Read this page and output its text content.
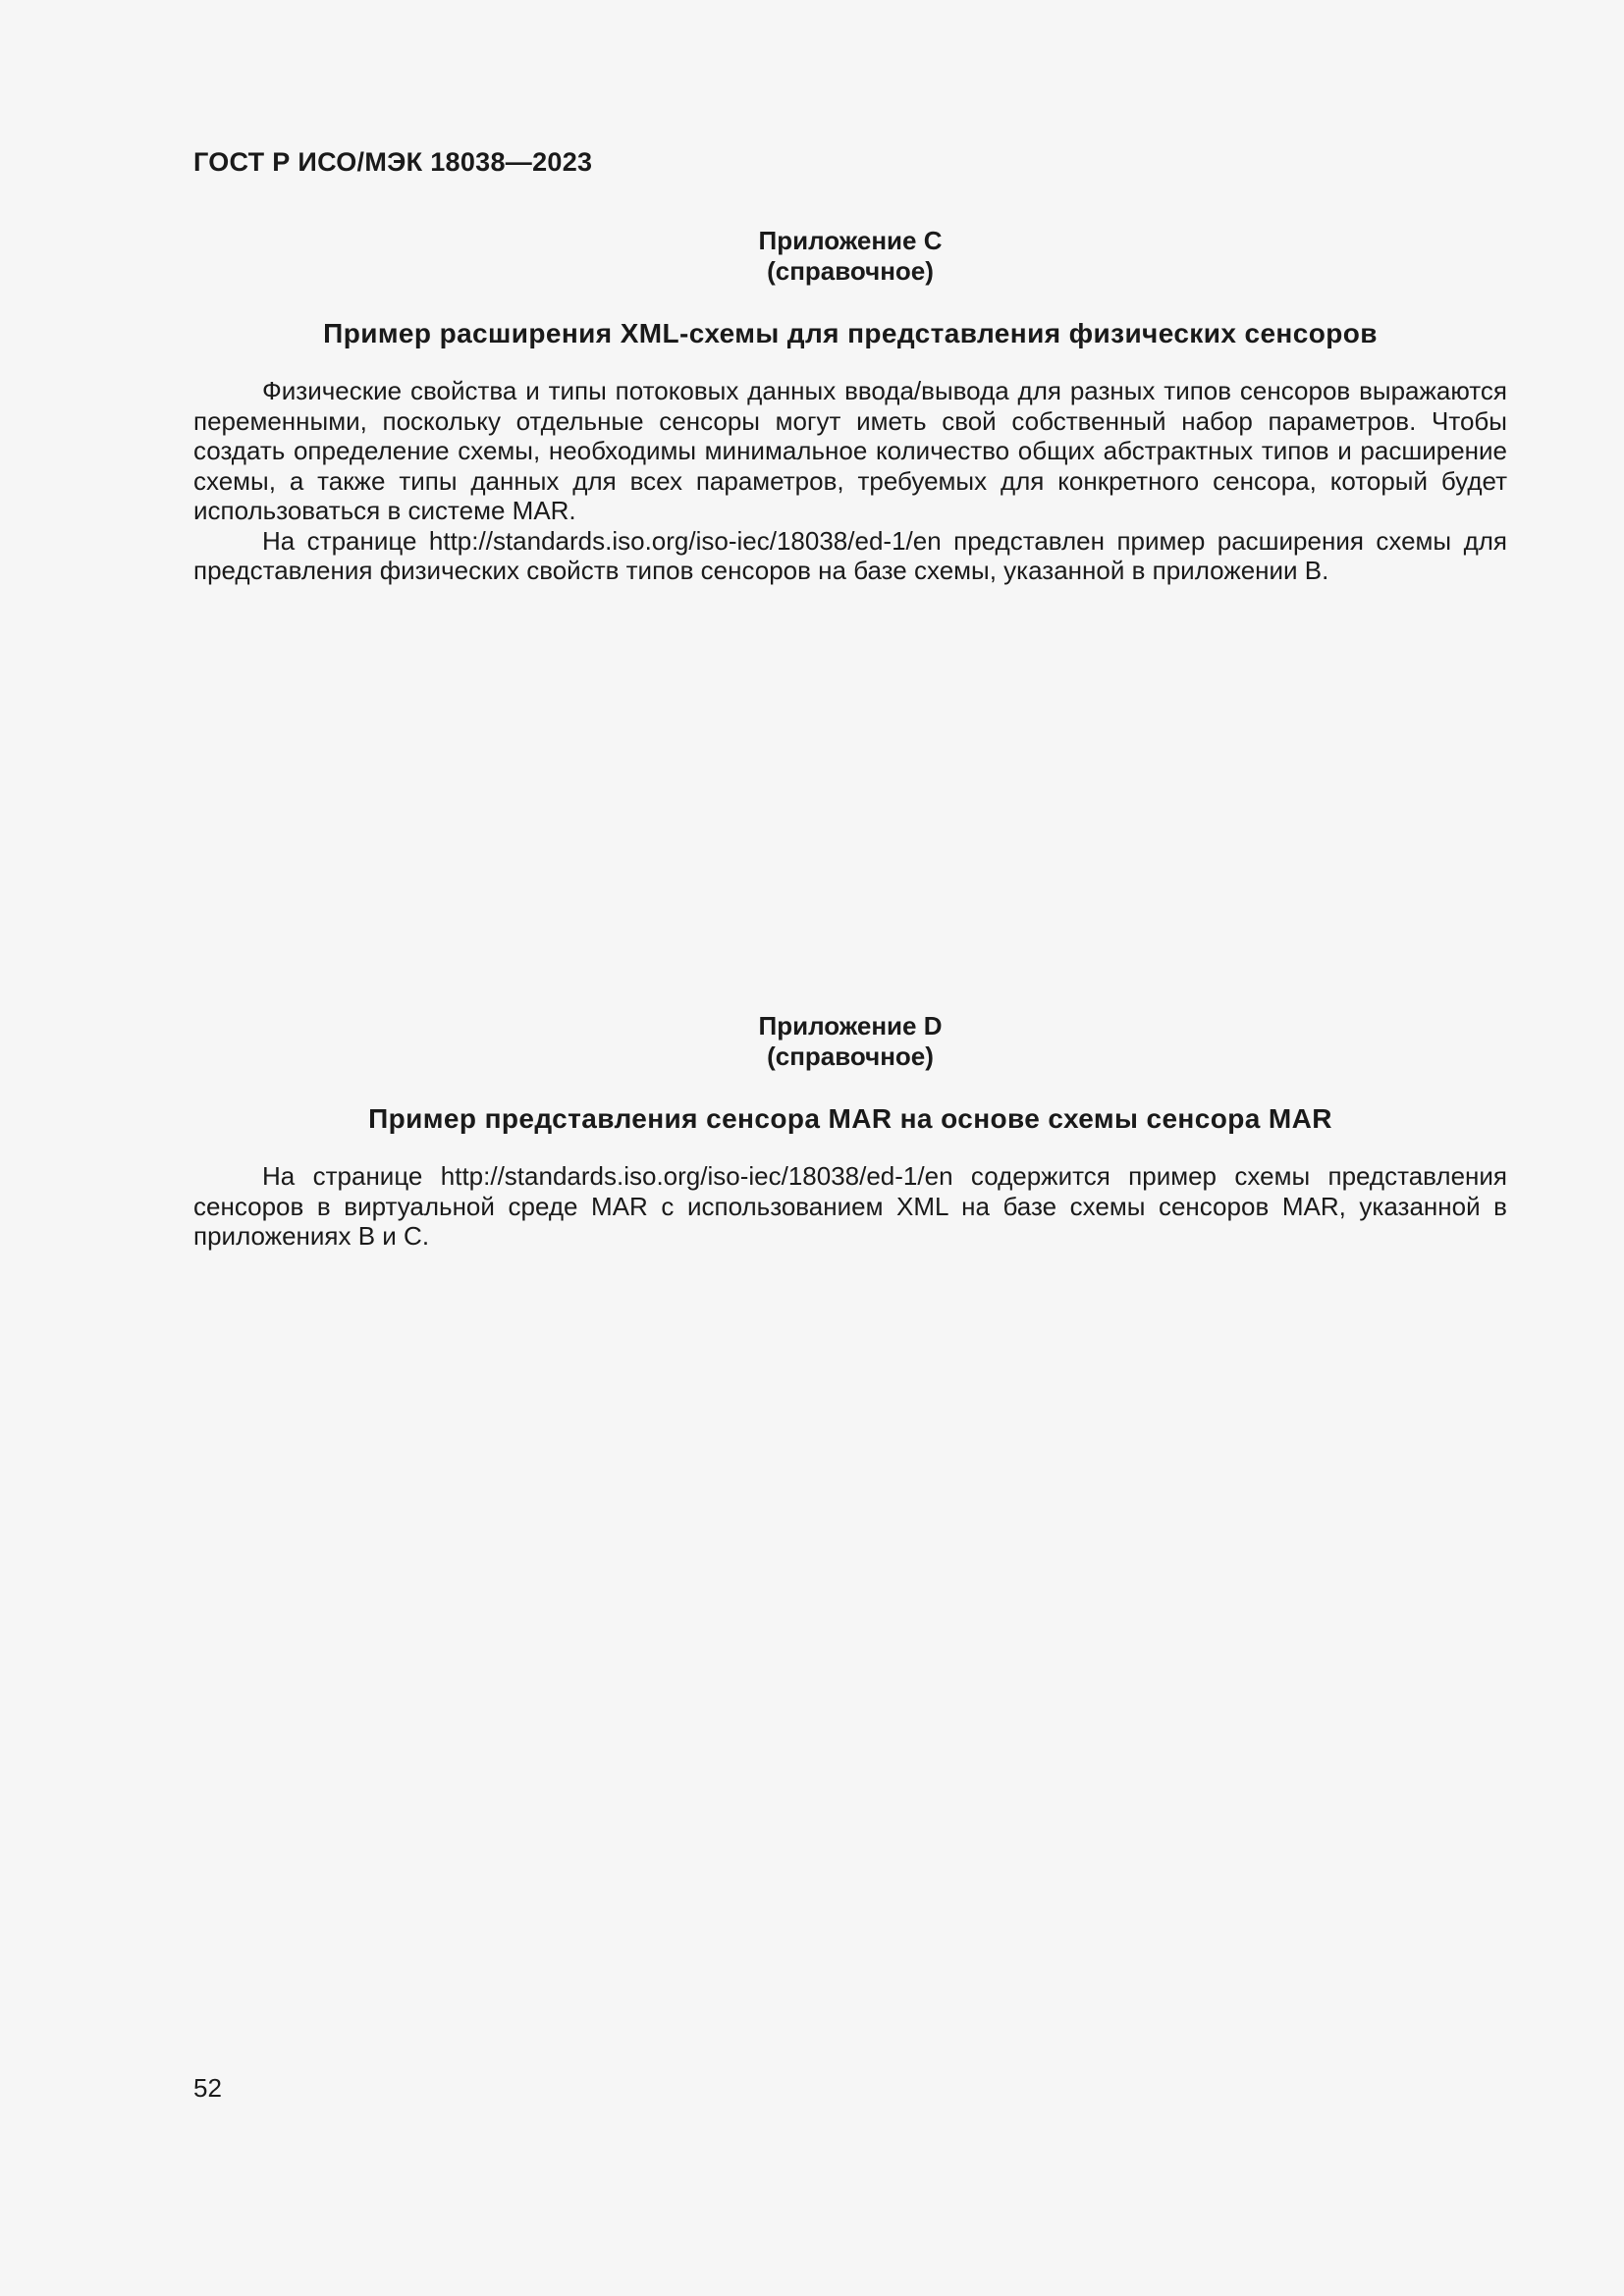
ГОСТ Р ИСО/МЭК 18038—2023
Приложение С
(справочное)
Пример расширения XML-схемы для представления физических сенсоров

Физические свойства и типы потоковых данных ввода/вывода для разных типов сенсоров выражаются переменными, поскольку отдельные сенсоры могут иметь свой собственный набор параметров. Чтобы создать определение схемы, необходимы минимальное количество общих абстрактных типов и расширение схемы, а также типы данных для всех параметров, требуемых для конкретного сенсора, который будет использоваться в системе MAR.

На странице http://standards.iso.org/iso-iec/18038/ed-1/en представлен пример расширения схемы для представления физических свойств типов сенсоров на базе схемы, указанной в приложении В.

Приложение D
(справочное)
Пример представления сенсора MAR на основе схемы сенсора MAR

На странице http://standards.iso.org/iso-iec/18038/ed-1/en содержится пример схемы представления сенсоров в виртуальной среде MAR с использованием XML на базе схемы сенсоров MAR, указанной в приложениях В и С.

52
